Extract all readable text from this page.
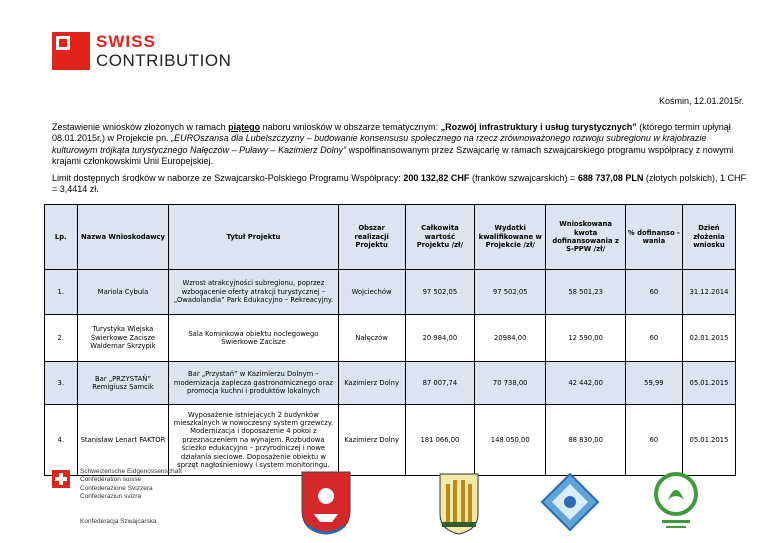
SWISS
CONTRIBUTION
Kośmin, 12.01.2015r.
Zestawienie wniosków złożonych w ramach piątego naboru wniosków w obszarze tematycznym: „Rozwój infrastruktury i usług turystycznych” (którego termin upłynął 08.01.2015r.) w Projekcie pn. „EUROszansa dla Lubelszczyzny – budowanie konsensusu społecznego na rzecz zrównoważonego rozwoju subregionu w krajobrazie kulturowym trójkąta turystycznego Nałęczów – Puławy – Kazimierz Dolny” współfinansowanym przez Szwajcarię w ramach szwajcarskiego programu współpracy z nowymi krajami członkowskimi Unii Europejskiej.
Limit dostępnych środków w naborze ze Szwajcarsko-Polskiego Programu Współpracy: 200 132,82 CHF (franków szwajcarskich) = 688 737,08 PLN (złotych polskich), 1 CHF = 3,4414 zł.
Lp.	Nazwa Wnioskodawcy	Tytuł Projektu	Obszar realizacji Projektu	Całkowita wartość Projektu /zł/	Wydatki kwalifikowane w Projekcie /zł/	Wnioskowana kwota dofinansowania z S-PPW /zł/	% dofinanso -wania	Dzień złożenia wniosku
1.	Mariola Cybula	Wzrost atrakcyjności subregionu, poprzez wzbogacenie oferty atrakcji turystycznej – „Owadolandia” Park Edukacyjno – Rekreacyjny.	Wojciechów	97 502,05	97 502,05	58 501,23	60	31.12.2014
2.	Turystyka Wiejska Świerkowe Zacisze Waldemar Skrzypik	Sala Kominkowa obiektu noclegowego Świerkowe Zacisze	Nałęczów	20 984,00	20984,00	12 590,00	60	02.01.2015
3.	Bar „PRZYSTAŃ” Remigiusz Samcik	Bar „Przystań” w Kazimierzu Dolnym – modernizacja zaplecza gastronomicznego oraz promocja kuchni i produktów lokalnych	Kazimierz Dolny	87 007,74	70 738,00	42 442,00	59,99	05.01.2015
4.	Stanisław Lenart FAKTOR	Wyposażenie istniejących 2 budynków mieszkalnych w nowoczesny system grzewczy. Modernizacja i doposażenie 4 pokoi z przeznaczeniem na wynajem. Rozbudowa ścieżko edukacyjno – przyrodniczej i nowe działania sieciowe. Doposażenie obiektu w sprzęt nagłośnieniowy i system monitoringu.	Kazimierz Dolny	181 066,00	148 050,00	88 830,00	60	05.01.2015
Schweizerische Eidgenossenschaft
Confédération suisse
Confederazione Svizzera
Confederaziun svizra
Konfederacja Szwajcarska
